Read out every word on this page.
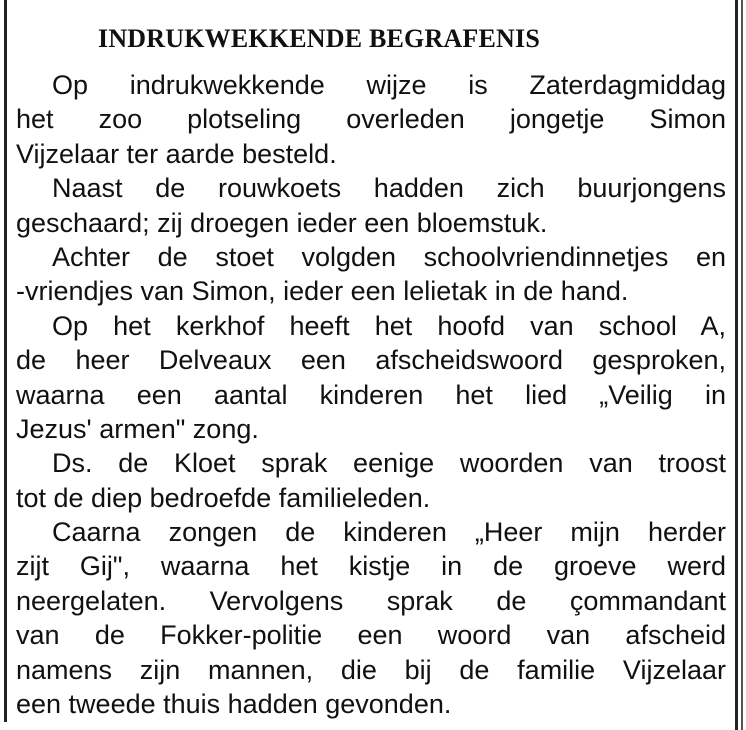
INDRUKWEKKENDE BEGRAFENIS
Op indrukwekkende wijze is Zaterdagmiddag
het zoo plotseling overleden jongetje Simon
Vijzelaar ter aarde besteld.
Naast de rouwkoets hadden zich buurjongens
geschaard; zij droegen ieder een bloemstuk.
Achter de stoet volgden schoolvriendinnetjes en
-vriendjes van Simon, ieder een lelietak in de hand.
Op het kerkhof heeft het hoofd van school A,
de heer Delveaux een afscheidswoord gesproken,
waarna een aantal kinderen het lied „Veilig in
Jezus' armen" zong.
Ds. de Kloet sprak eenige woorden van troost
tot de diep bedroefde familieleden.
Caarna zongen de kinderen „Heer mijn herder
zijt Gij", waarna het kistje in de groeve werd
neergelaten. Vervolgens sprak de çommandant
van de Fokker-politie een woord van afscheid
namens zijn mannen, die bij de familie Vijzelaar
een tweede thuis hadden gevonden.
